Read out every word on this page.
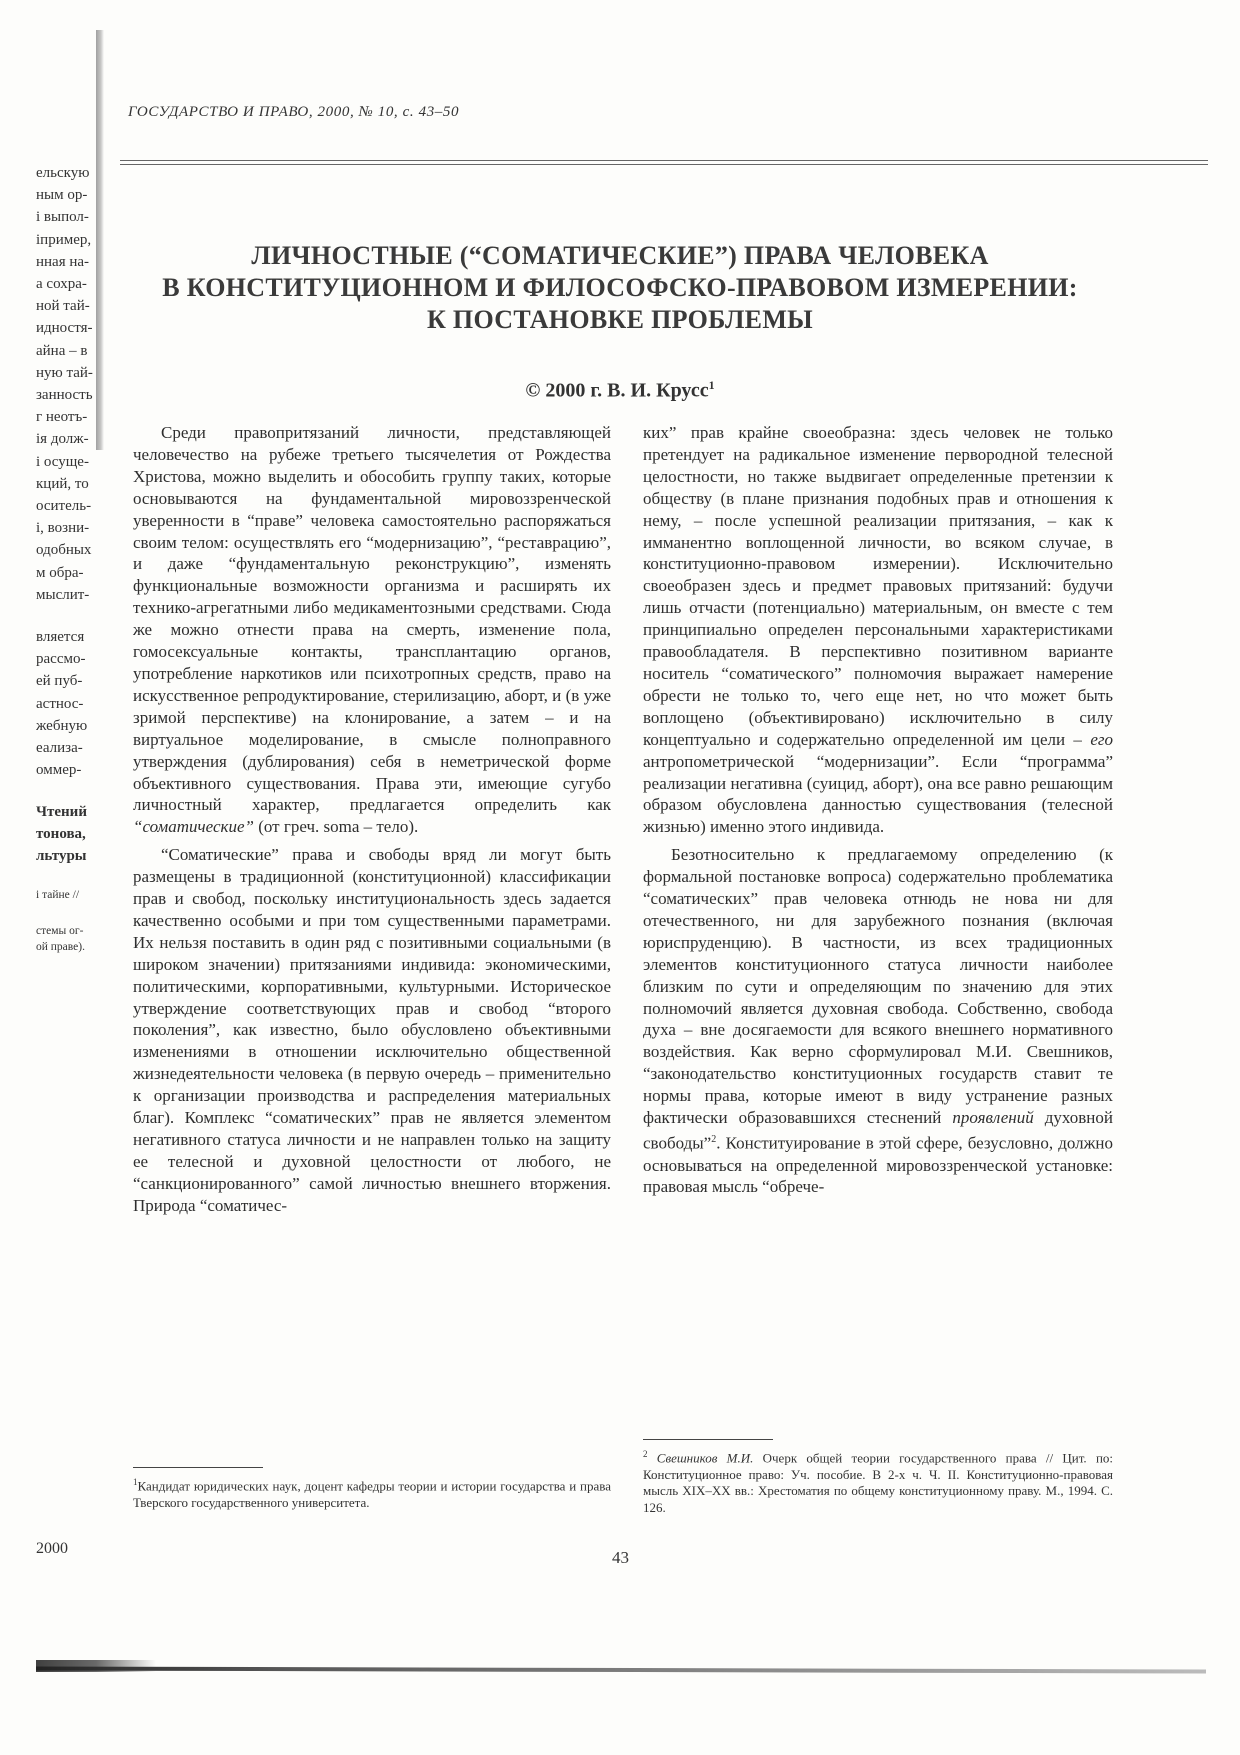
ГОСУДАРСТВО И ПРАВО, 2000, № 10, с. 43–50
ельскую
ным ор-
і выпол-
іпример,
нная на-
а сохра-
ной тай-
идностя-
айна – в
ную тай-
занность
г неотъ-
ія долж-
і осуще-
кций, то
оситель-
і, возни-
одобных
м обра-
мыслит-
вляется
рассмо-
ей пуб-
астнос-
жебную
еализа-
оммер-
Чтений
тонова,
льтуры
і тайне //
стемы ог-
ой праве).
ЛИЧНОСТНЫЕ (“СОМАТИЧЕСКИЕ”) ПРАВА ЧЕЛОВЕКА
В КОНСТИТУЦИОННОМ И ФИЛОСОФСКО-ПРАВОВОМ ИЗМЕРЕНИИ:
К ПОСТАНОВКЕ ПРОБЛЕМЫ
© 2000 г. В. И. Крусс$^1$

Среди правопритязаний личности, представляющей человечество на рубеже третьего тысячелетия от Рождества Христова, можно выделить и обособить группу таких, которые основываются на фундаментальной мировоззренческой уверенности в “праве” человека самостоятельно распоряжаться своим телом: осуществлять его “модернизацию”, “реставрацию”, и даже “фундаментальную реконструкцию”, изменять функциональные возможности организма и расширять их технико-агрегатными либо медикаментозными средствами. Сюда же можно отнести права на смерть, изменение пола, гомосексуальные контакты, трансплантацию органов, употребление наркотиков или психотропных средств, право на искусственное репродуктирование, стерилизацию, аборт, и (в уже зримой перспективе) на клонирование, а затем – и на виртуальное моделирование, в смысле полноправного утверждения (дублирования) себя в неметрической форме объективного существования. Права эти, имеющие сугубо личностный характер, предлагается определить как “соматические” (от греч. soma – тело).

“Соматические” права и свободы вряд ли могут быть размещены в традиционной (конституционной) классификации прав и свобод, поскольку институциональность здесь задается качественно особыми и при том существенными параметрами. Их нельзя поставить в один ряд с позитивными социальными (в широком значении) притязаниями индивида: экономическими, политическими, корпоративными, культурными. Историческое утверждение соответствующих прав и свобод “второго поколения”, как известно, было обусловлено объективными изменениями в отношении исключительно общественной жизнедеятельности человека (в первую очередь – применительно к организации производства и распределения материальных благ). Комплекс “соматических” прав не является элементом негативного статуса личности и не направлен только на защиту ее телесной и духовной целостности от любого, не “санкционированного” самой личностью внешнего вторжения. Природа “соматичес-

$^1$Кандидат юридических наук, доцент кафедры теории и истории государства и права Тверского государственного университета.

ких” прав крайне своеобразна: здесь человек не только претендует на радикальное изменение первородной телесной целостности, но также выдвигает определенные претензии к обществу (в плане признания подобных прав и отношения к нему, – после успешной реализации притязания, – как к имманентно воплощенной личности, во всяком случае, в конституционно-правовом измерении). Исключительно своеобразен здесь и предмет правовых притязаний: будучи лишь отчасти (потенциально) материальным, он вместе с тем принципиально определен персональными характеристиками правообладателя. В перспективно позитивном варианте носитель “соматического” полномочия выражает намерение обрести не только то, чего еще нет, но что может быть воплощено (объективировано) исключительно в силу концептуально и содержательно определенной им цели – его антропометрической “модернизации”. Если “программа” реализации негативна (суицид, аборт), она все равно решающим образом обусловлена данностью существования (телесной жизнью) именно этого индивида.

Безотносительно к предлагаемому определению (к формальной постановке вопроса) содержательно проблематика “соматических” прав человека отнюдь не нова ни для отечественного, ни для зарубежного познания (включая юриспруденцию). В частности, из всех традиционных элементов конституционного статуса личности наиболее близким по сути и определяющим по значению для этих полномочий является духовная свобода. Собственно, свобода духа – вне досягаемости для всякого внешнего нормативного воздействия. Как верно сформулировал М.И. Свешников, “законодательство конституционных государств ставит те нормы права, которые имеют в виду устранение разных фактически образовавшихся стеснений проявлений духовной свободы”$^2$. Конституирование в этой сфере, безусловно, должно основываться на определенной мировоззренческой установке: правовая мысль “обрече-

$^2$ Свешников М.И. Очерк общей теории государственного права // Цит. по: Конституционное право: Уч. пособие. В 2-х ч. Ч. II. Конституционно-правовая мысль XIX–XX вв.: Хрестоматия по общему конституционному праву. М., 1994. С. 126.
2000	43
